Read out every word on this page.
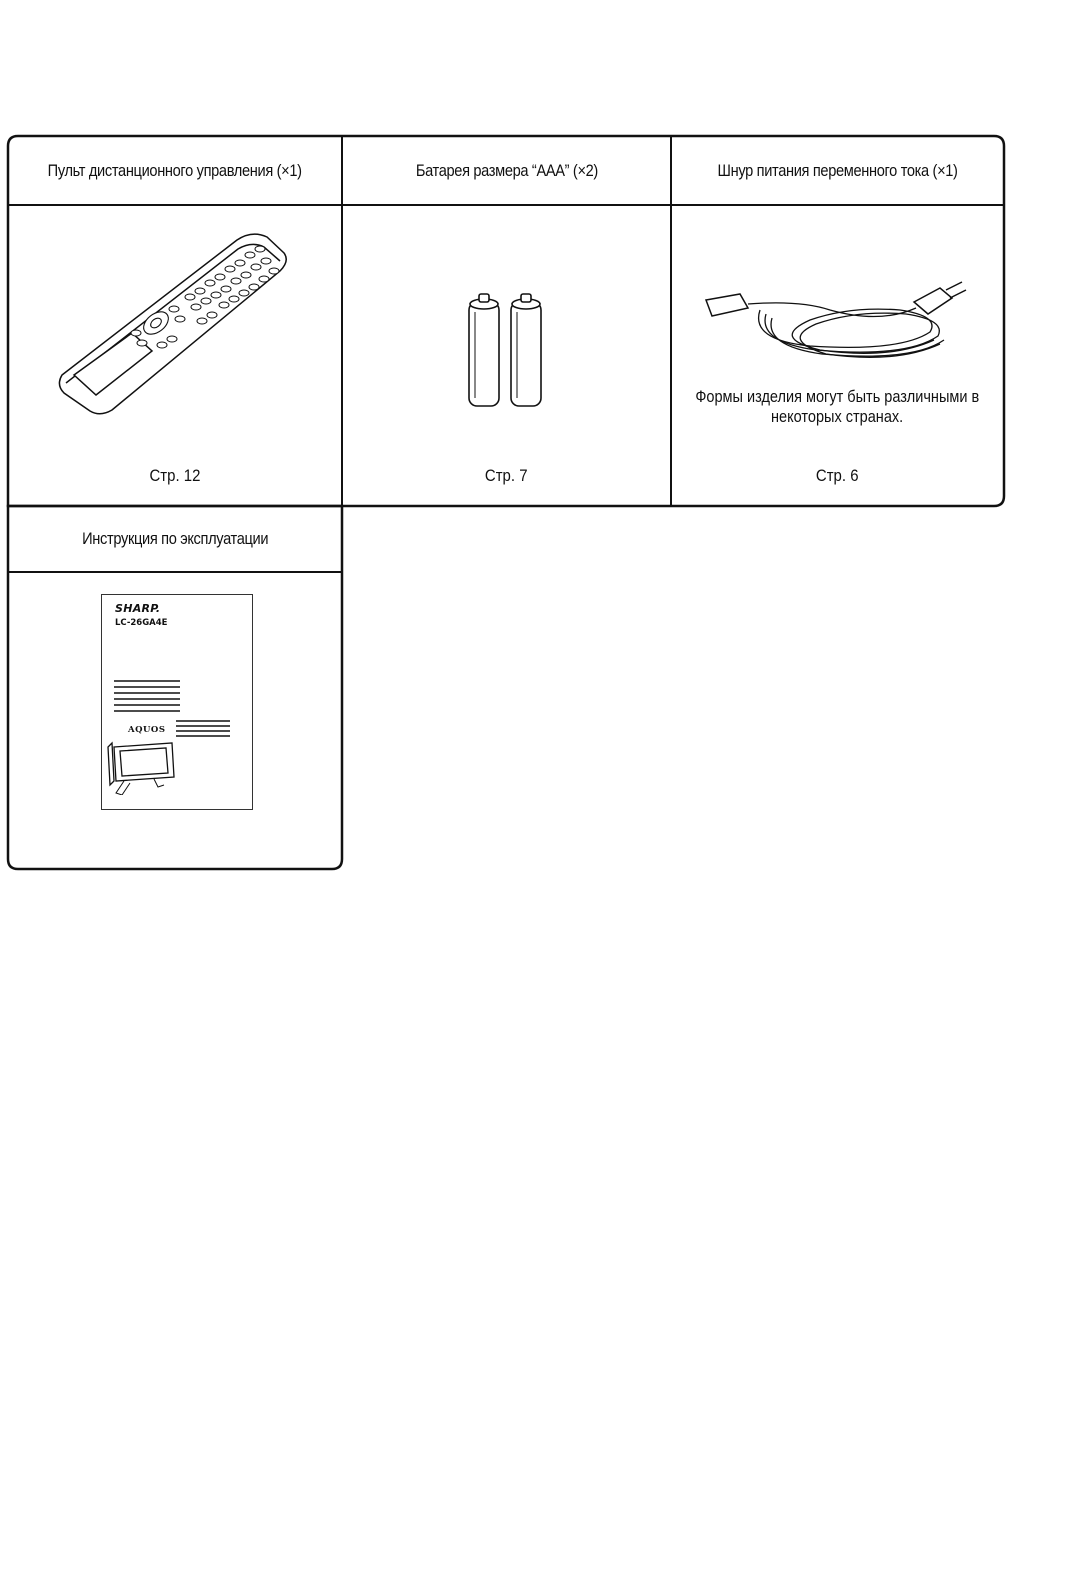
Пульт дистанционного управления (×1)
Стр. 12
Батарея размера “AAA” (×2)
Стр. 7
Шнур питания переменного тока (×1)
Формы изделия могут быть различными в
некоторых странах.
Стр. 6
Инструкция по эксплуатации
SHARP.
LC-26GA4E
AQUOS
